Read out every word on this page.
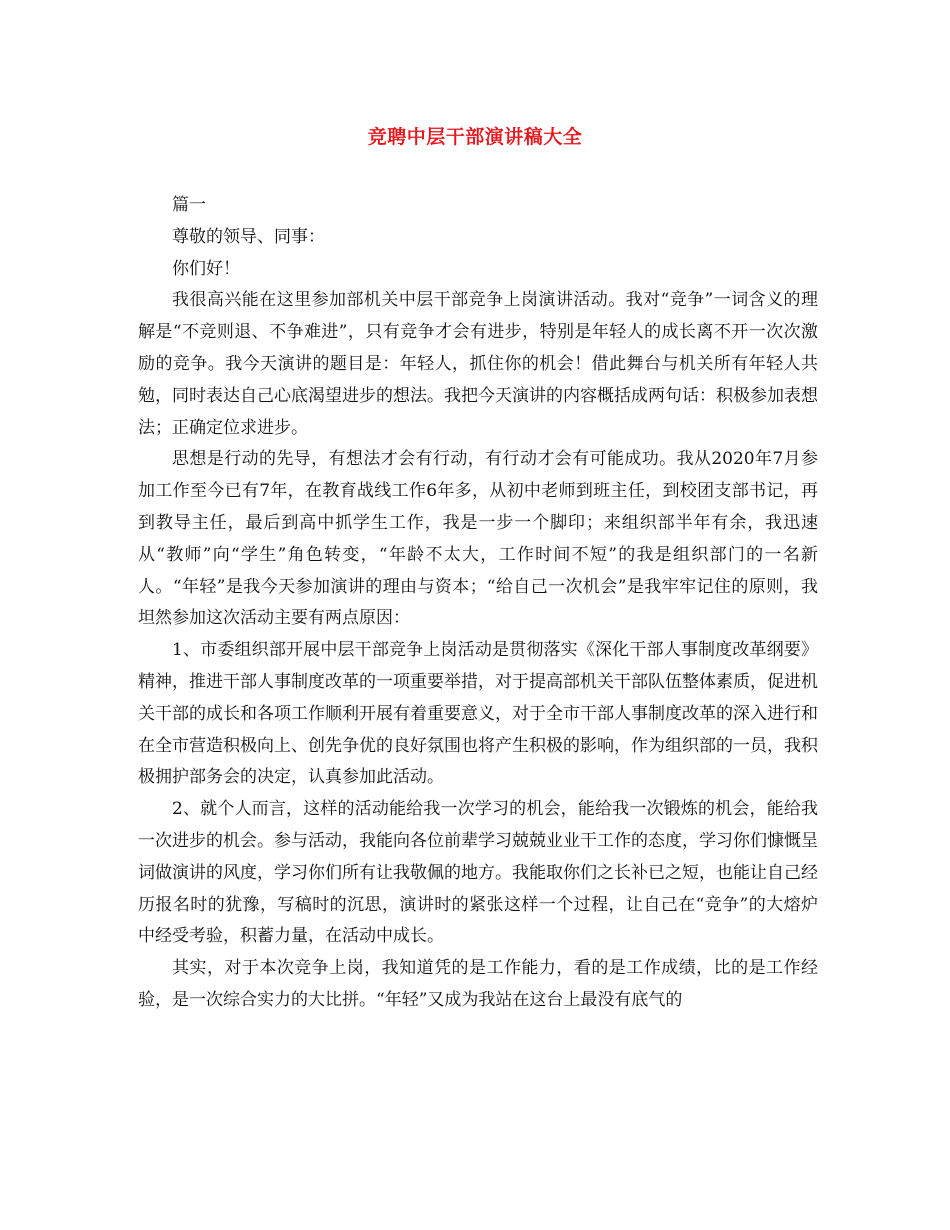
竞聘中层干部演讲稿大全

篇一

尊敬的领导、同事：

你们好！

我很高兴能在这里参加部机关中层干部竞争上岗演讲活动。我对“竞争”一词含义的理解是“不竞则退、不争难进”，只有竞争才会有进步，特别是年轻人的成长离不开一次次激励的竞争。我今天演讲的题目是：年轻人，抓住你的机会！借此舞台与机关所有年轻人共勉，同时表达自己心底渴望进步的想法。我把今天演讲的内容概括成两句话：积极参加表想法；正确定位求进步。

思想是行动的先导，有想法才会有行动，有行动才会有可能成功。我从2020年7月参加工作至今已有7年，在教育战线工作6年多，从初中老师到班主任，到校团支部书记，再到教导主任，最后到高中抓学生工作，我是一步一个脚印；来组织部半年有余，我迅速从“教师”向“学生”角色转变，“年龄不太大，工作时间不短”的我是组织部门的一名新人。“年轻”是我今天参加演讲的理由与资本；“给自己一次机会”是我牢牢记住的原则，我坦然参加这次活动主要有两点原因：

1、市委组织部开展中层干部竞争上岗活动是贯彻落实《深化干部人事制度改革纲要》精神，推进干部人事制度改革的一项重要举措，对于提高部机关干部队伍整体素质，促进机关干部的成长和各项工作顺利开展有着重要意义，对于全市干部人事制度改革的深入进行和在全市营造积极向上、创先争优的良好氛围也将产生积极的影响，作为组织部的一员，我积极拥护部务会的决定，认真参加此活动。

2、就个人而言，这样的活动能给我一次学习的机会，能给我一次锻炼的机会，能给我一次进步的机会。参与活动，我能向各位前辈学习兢兢业业干工作的态度，学习你们慷慨呈词做演讲的风度，学习你们所有让我敬佩的地方。我能取你们之长补已之短，也能让自己经历报名时的犹豫，写稿时的沉思，演讲时的紧张这样一个过程，让自己在“竞争”的大熔炉中经受考验，积蓄力量，在活动中成长。

其实，对于本次竞争上岗，我知道凭的是工作能力，看的是工作成绩，比的是工作经验，是一次综合实力的大比拼。“年轻”又成为我站在这台上最没有底气的
